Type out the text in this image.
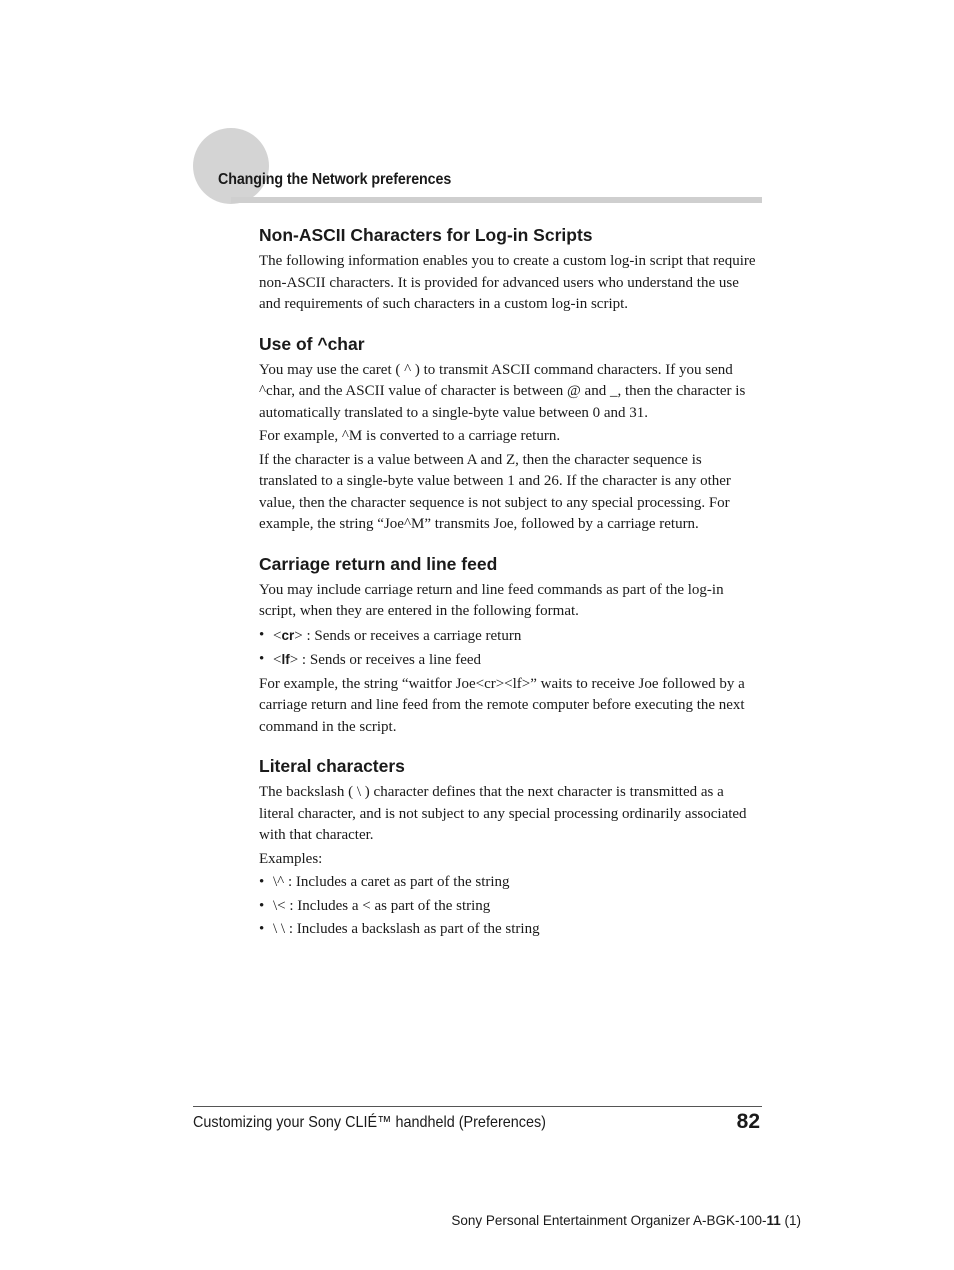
Changing the Network preferences
Non-ASCII Characters for Log-in Scripts

The following information enables you to create a custom log-in script that require non-ASCII characters. It is provided for advanced users who understand the use and requirements of such characters in a custom log-in script.

Use of ^char

You may use the caret ( ^ ) to transmit ASCII command characters. If you send ^char, and the ASCII value of character is between @ and _, then the character is automatically translated to a single-byte value between 0 and 31.

For example, ^M is converted to a carriage return.

If the character is a value between A and Z, then the character sequence is translated to a single-byte value between 1 and 26. If the character is any other value, then the character sequence is not subject to any special processing. For example, the string “Joe^M” transmits Joe, followed by a carriage return.

Carriage return and line feed

You may include carriage return and line feed commands as part of the log-in script, when they are entered in the following format.

• <cr> : Sends or receives a carriage return
• <lf> : Sends or receives a line feed

For example, the string “waitfor Joe<cr><lf>” waits to receive Joe followed by a carriage return and line feed from the remote computer before executing the next command in the script.

Literal characters

The backslash ( \ ) character defines that the next character is transmitted as a literal character, and is not subject to any special processing ordinarily associated with that character.

Examples:

• \^ : Includes a caret as part of the string
• \< : Includes a < as part of the string
• \ \ : Includes a backslash as part of the string
Customizing your Sony CLIÉ™ handheld (Preferences)	82
Sony Personal Entertainment Organizer A-BGK-100-11 (1)
